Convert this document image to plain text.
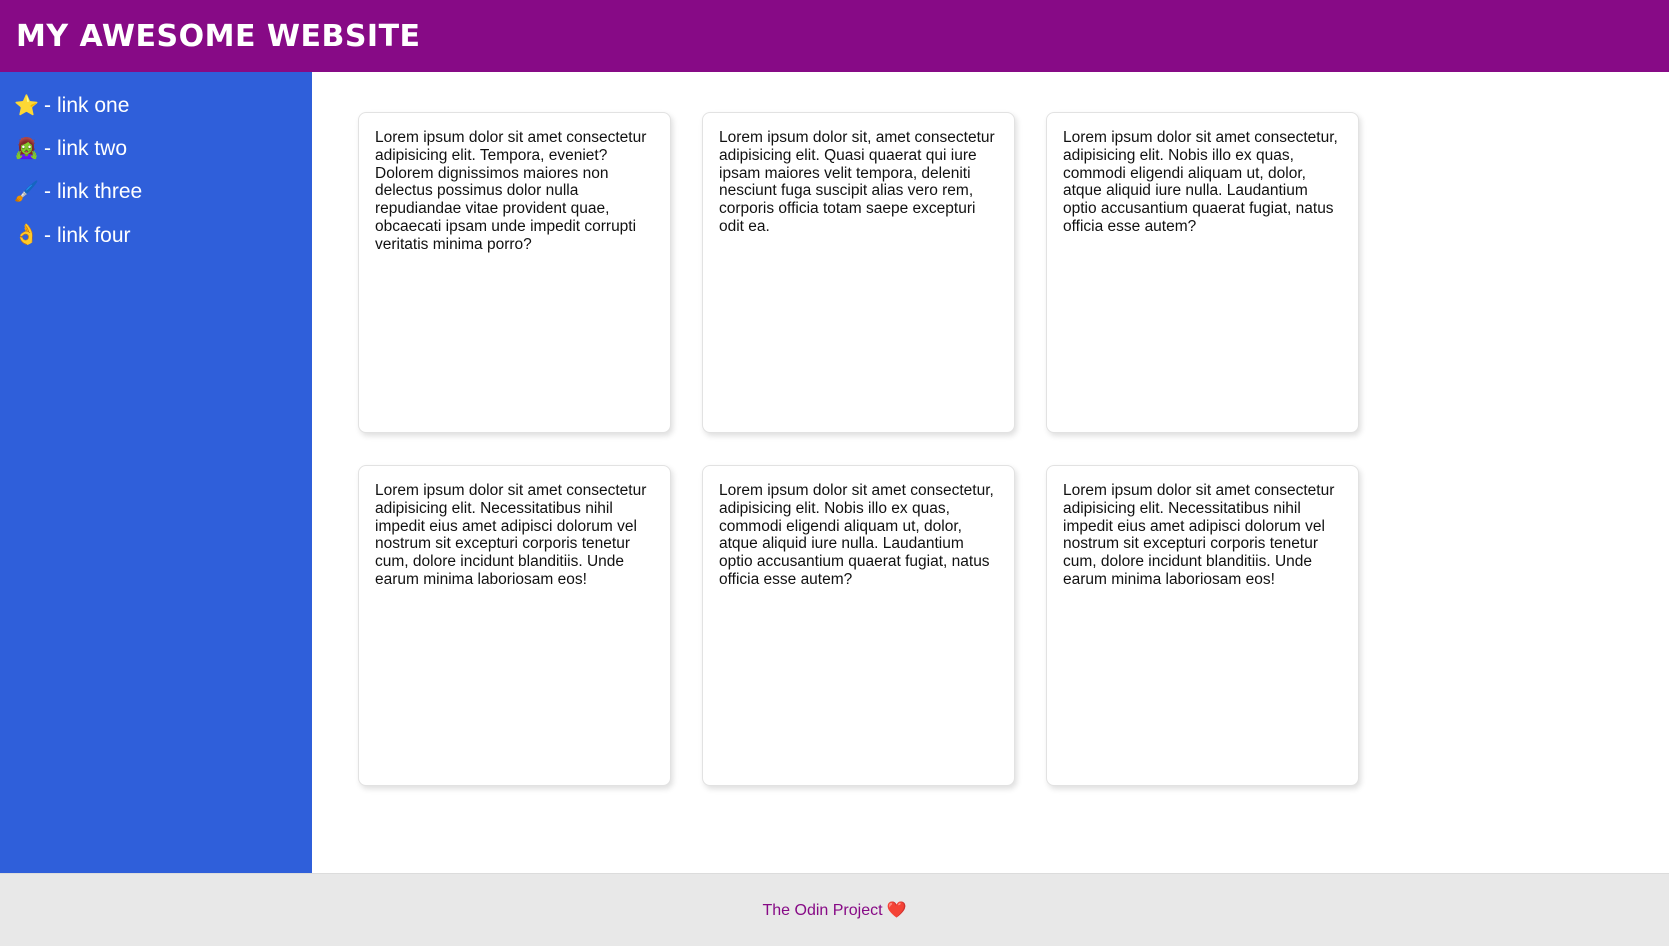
MY AWESOME WEBSITE
⭐ - link one
🧟‍♀️ - link two
🖌️ - link three
👌 - link four
Lorem ipsum dolor sit amet consectetur adipisicing elit. Tempora, eveniet? Dolorem dignissimos maiores non delectus possimus dolor nulla repudiandae vitae provident quae, obcaecati ipsam unde impedit corrupti veritatis minima porro?
Lorem ipsum dolor sit, amet consectetur adipisicing elit. Quasi quaerat qui iure ipsam maiores velit tempora, deleniti nesciunt fuga suscipit alias vero rem, corporis officia totam saepe excepturi odit ea.
Lorem ipsum dolor sit amet consectetur, adipisicing elit. Nobis illo ex quas, commodi eligendi aliquam ut, dolor, atque aliquid iure nulla. Laudantium optio accusantium quaerat fugiat, natus officia esse autem?
Lorem ipsum dolor sit amet consectetur adipisicing elit. Necessitatibus nihil impedit eius amet adipisci dolorum vel nostrum sit excepturi corporis tenetur cum, dolore incidunt blanditiis. Unde earum minima laboriosam eos!
Lorem ipsum dolor sit amet consectetur, adipisicing elit. Nobis illo ex quas, commodi eligendi aliquam ut, dolor, atque aliquid iure nulla. Laudantium optio accusantium quaerat fugiat, natus officia esse autem?
Lorem ipsum dolor sit amet consectetur adipisicing elit. Necessitatibus nihil impedit eius amet adipisci dolorum vel nostrum sit excepturi corporis tenetur cum, dolore incidunt blanditiis. Unde earum minima laboriosam eos!
The Odin Project ❤️
